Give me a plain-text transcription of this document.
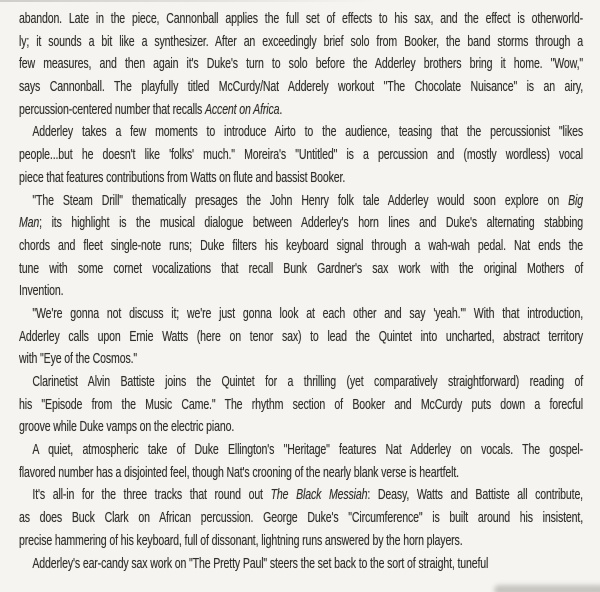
abandon. Late in the piece, Cannonball applies the full set of effects to his sax, and the effect is otherworld-
ly; it sounds a bit like a synthesizer. After an exceedingly brief solo from Booker, the band storms through a
few measures, and then again it's Duke's turn to solo before the Adderley brothers bring it home. "Wow,"
says Cannonball. The playfully titled McCurdy/Nat Adderely workout "The Chocolate Nuisance" is an airy,
percussion-centered number that recalls Accent on Africa.
Adderley takes a few moments to introduce Airto to the audience, teasing that the percussionist "likes
people...but he doesn't like 'folks' much." Moreira's "Untitled" is a percussion and (mostly wordless) vocal
piece that features contributions from Watts on flute and bassist Booker.
"The Steam Drill" thematically presages the John Henry folk tale Adderley would soon explore on Big
Man; its highlight is the musical dialogue between Adderley's horn lines and Duke's alternating stabbing
chords and fleet single-note runs; Duke filters his keyboard signal through a wah-wah pedal. Nat ends the
tune with some cornet vocalizations that recall Bunk Gardner's sax work with the original Mothers of
Invention.
"We're gonna not discuss it; we're just gonna look at each other and say 'yeah.'" With that introduction,
Adderley calls upon Ernie Watts (here on tenor sax) to lead the Quintet into uncharted, abstract territory
with "Eye of the Cosmos."
Clarinetist Alvin Battiste joins the Quintet for a thrilling (yet comparatively straightforward) reading of
his "Episode from the Music Came." The rhythm section of Booker and McCurdy puts down a forecful
groove while Duke vamps on the electric piano.
A quiet, atmospheric take of Duke Ellington's "Heritage" features Nat Adderley on vocals. The gospel-
flavored number has a disjointed feel, though Nat's crooning of the nearly blank verse is heartfelt.
It's all-in for the three tracks that round out The Black Messiah: Deasy, Watts and Battiste all contribute,
as does Buck Clark on African percussion. George Duke's "Circumference" is built around his insistent,
precise hammering of his keyboard, full of dissonant, lightning runs answered by the horn players.
Adderley's ear-candy sax work on "The Pretty Paul" steers the set back to the sort of straight, tuneful
